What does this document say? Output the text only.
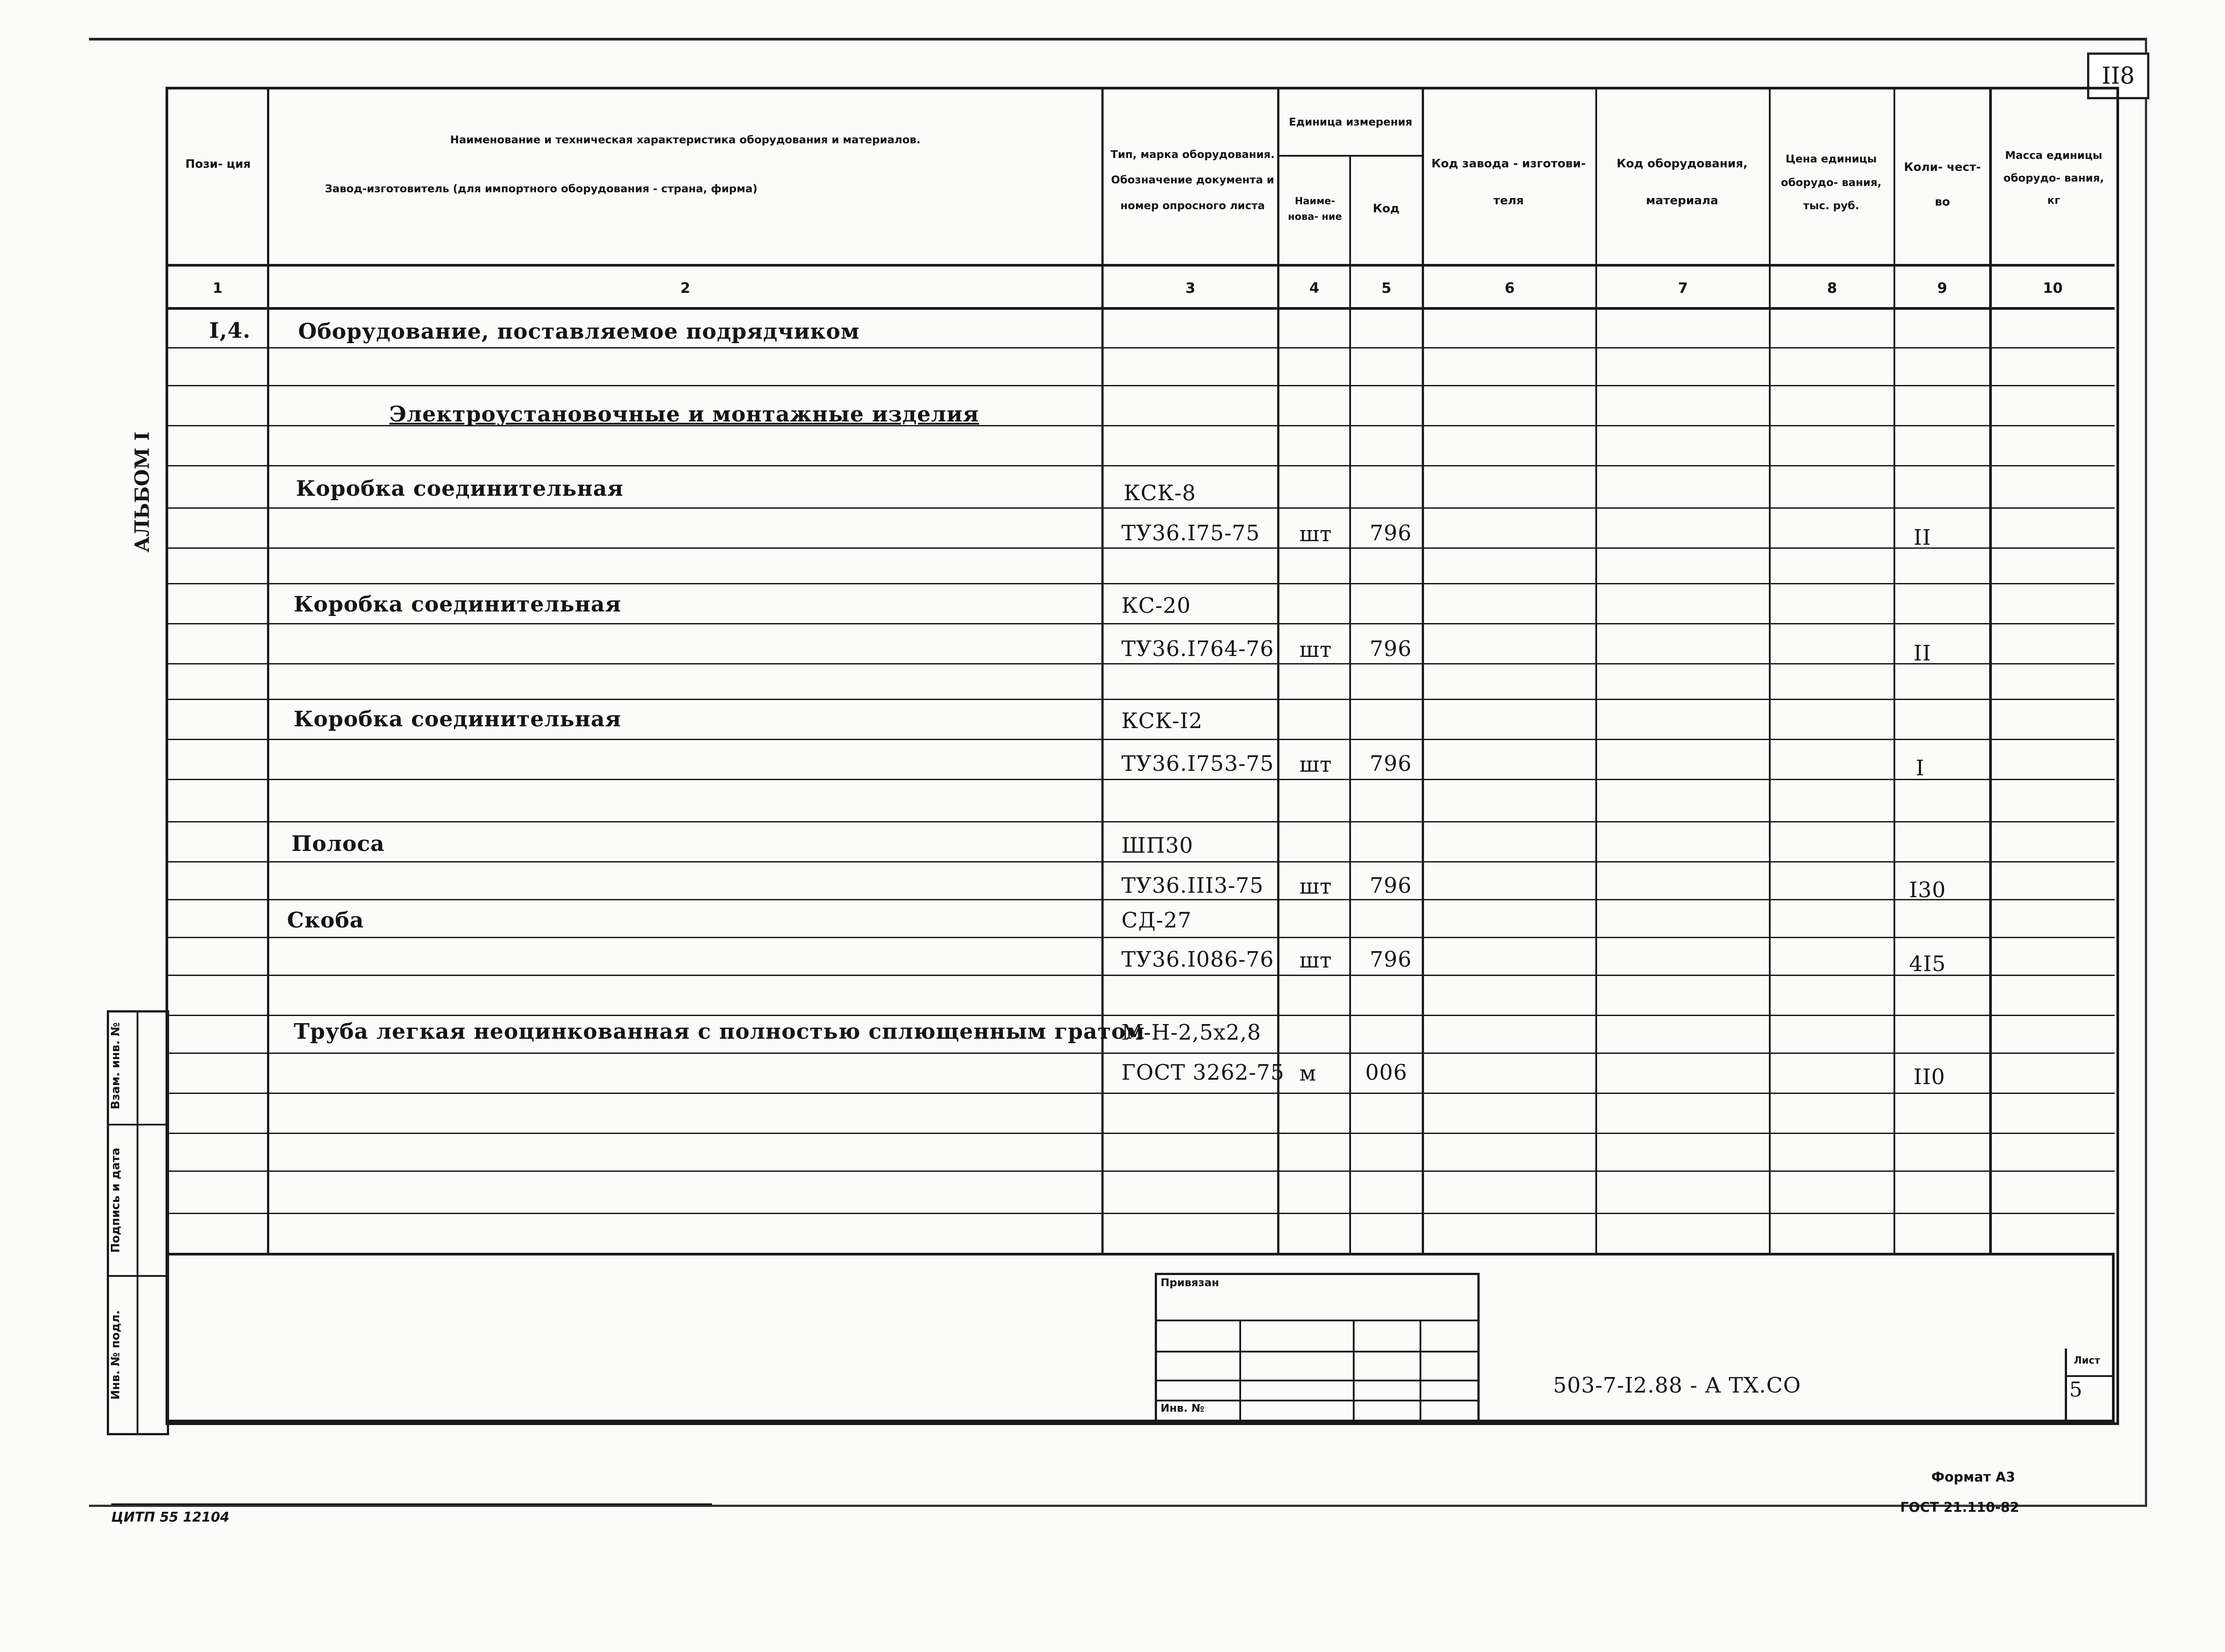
II8
АЛЬБОМ I
Взам. инв. №
Подпись и дата
Инв. № подл.
Пози- ция
Наименование и техническая характеристика оборудования и материалов.
Завод-изготовитель (для импортного оборудования - страна, фирма)
Тип, марка оборудования. Обозначение документа и номер опросного листа
Единица измерения
Наиме- нова- ние
Код
Код завода - изготови- теля
Код оборудования, материала
Цена единицы оборудо- вания, тыс. руб.
Коли- чест- во
Масса единицы оборудо- вания, кг
1	2	3	4	5	6	7	8	9	10
I,4. Оборудование, поставляемое подрядчиком
Электроустановочные и монтажные изделия
Коробка соединительная	КСК-8
ТУ36.I75-75 шт 796	II
Коробка соединительная	КС-20
ТУ36.I764-76 шт 796	II
Коробка соединительная	КСК-I2
ТУ36.I753-75 шт 796	I
Полоса	ШП30
ТУ36.III3-75 шт 796	I30
Скоба	СД-27
ТУ36.I086-76 шт 796	4I5
Труба легкая неоцинкованная с полностью сплющенным гратом
М-Н-2,5х2,8
ГОСТ 3262-75 м 006	II0
Привязан
Инв. №
503-7-I2.88 - А ТХ.СО
Лист
5
Формат А3
ГОСТ 21.110-82
ЦИТП 55 12104
